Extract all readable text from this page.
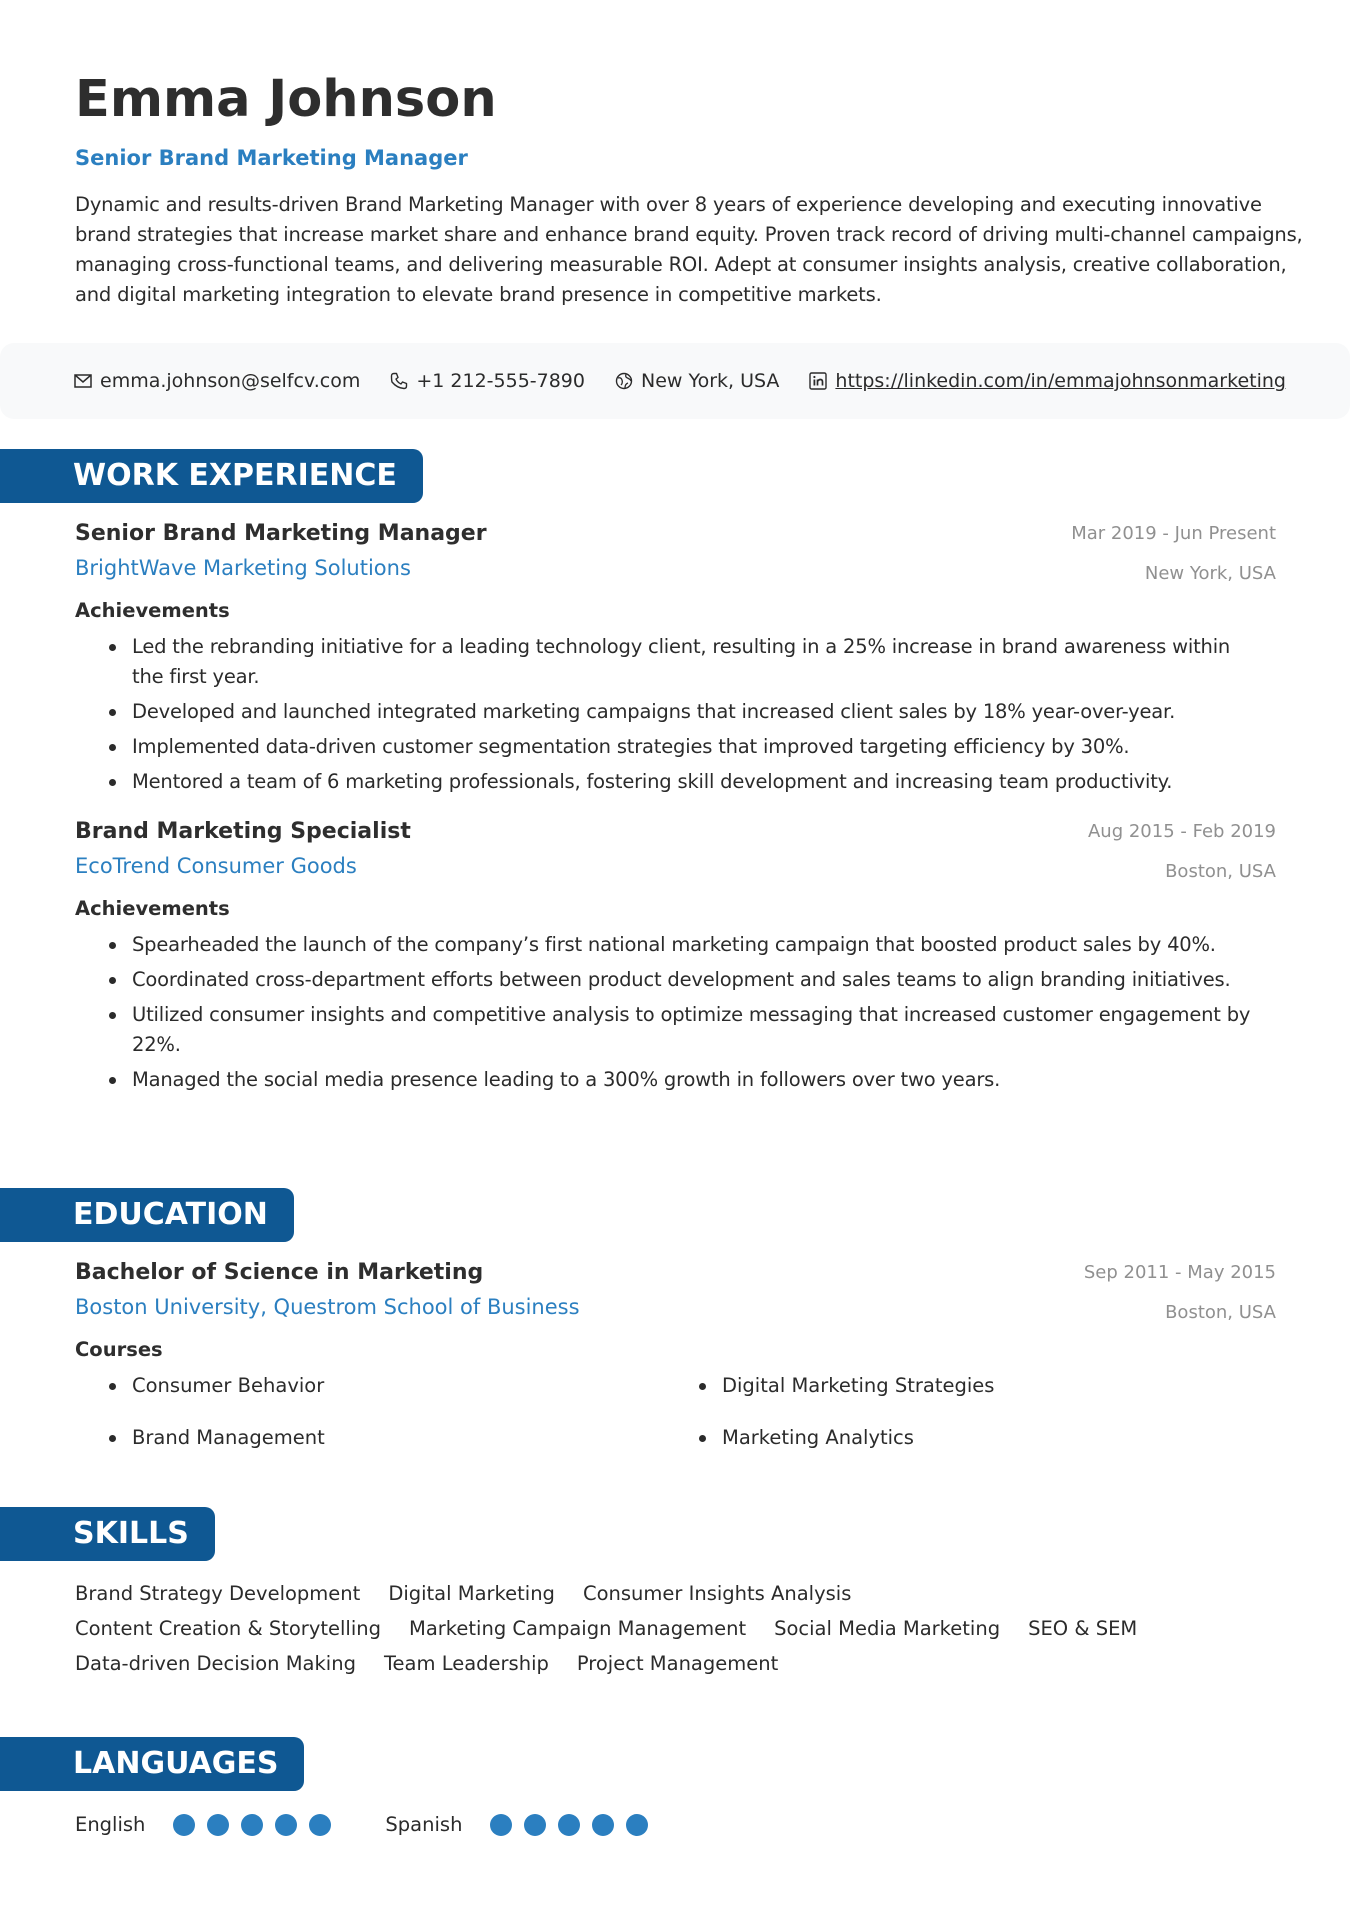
Emma Johnson
Senior Brand Marketing Manager
Dynamic and results-driven Brand Marketing Manager with over 8 years of experience developing and executing innovative brand strategies that increase market share and enhance brand equity. Proven track record of driving multi-channel campaigns, managing cross-functional teams, and delivering measurable ROI. Adept at consumer insights analysis, creative collaboration, and digital marketing integration to elevate brand presence in competitive markets.
emma.johnson@selfcv.com	+1 212-555-7890	New York, USA	https://linkedin.com/in/emmajohnsonmarketing
WORK EXPERIENCE
Senior Brand Marketing Manager
BrightWave Marketing Solutions
Mar 2019 - Jun Present
New York, USA
Achievements
Led the rebranding initiative for a leading technology client, resulting in a 25% increase in brand awareness within the first year.
Developed and launched integrated marketing campaigns that increased client sales by 18% year-over-year.
Implemented data-driven customer segmentation strategies that improved targeting efficiency by 30%.
Mentored a team of 6 marketing professionals, fostering skill development and increasing team productivity.
Brand Marketing Specialist
EcoTrend Consumer Goods
Aug 2015 - Feb 2019
Boston, USA
Achievements
Spearheaded the launch of the company’s first national marketing campaign that boosted product sales by 40%.
Coordinated cross-department efforts between product development and sales teams to align branding initiatives.
Utilized consumer insights and competitive analysis to optimize messaging that increased customer engagement by 22%.
Managed the social media presence leading to a 300% growth in followers over two years.
EDUCATION
Bachelor of Science in Marketing
Boston University, Questrom School of Business
Sep 2011 - May 2015
Boston, USA
Courses
Consumer Behavior	Digital Marketing Strategies
Brand Management	Marketing Analytics
SKILLS
Brand Strategy Development Digital Marketing Consumer Insights Analysis
Content Creation & Storytelling Marketing Campaign Management Social Media Marketing SEO & SEM
Data-driven Decision Making Team Leadership Project Management
LANGUAGES
English	Spanish
